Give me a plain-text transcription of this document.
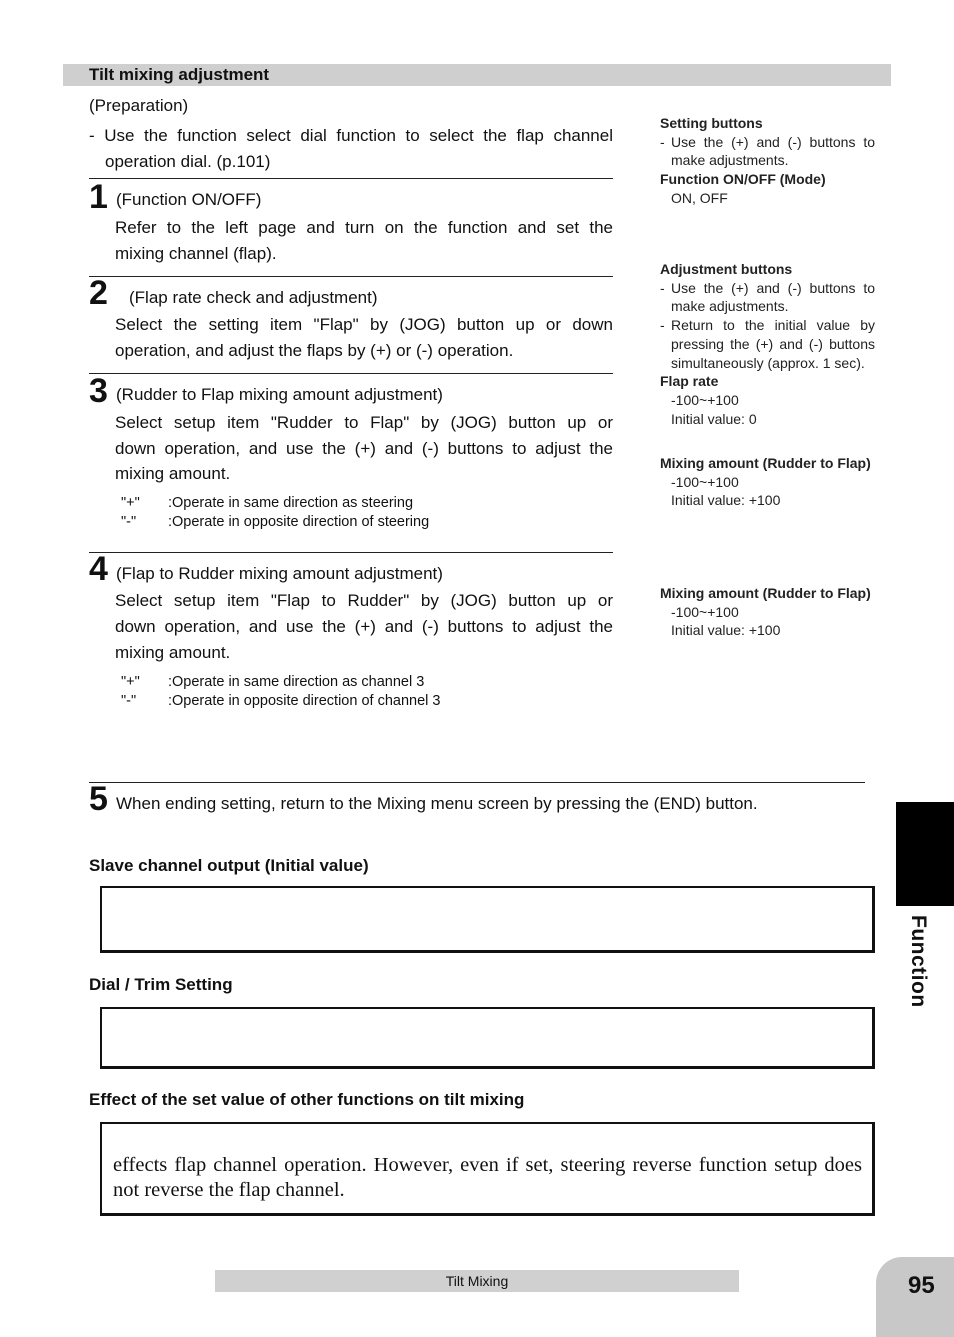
Tilt mixing adjustment
(Preparation)
- Use the function select dial function to select the flap channel
operation dial. (p.101)
1 (Function ON/OFF)
Refer to the left page and turn on the function and set the
mixing channel (flap).
2 (Flap rate check and adjustment)
Select the setting item "Flap" by (JOG) button up or down
operation, and adjust the flaps by (+) or (-) operation.
3 (Rudder to Flap mixing amount adjustment)
Select setup item "Rudder to Flap" by (JOG) button up or
down operation, and use the (+) and (-) buttons to adjust the
mixing amount.
"+"	:Operate in same direction as steering
"-"	:Operate in opposite direction of steering
4 (Flap to Rudder mixing amount adjustment)
Select setup item "Flap to Rudder" by (JOG) button up or
down operation, and use the (+) and (-) buttons to adjust the
mixing amount.
"+"	:Operate in same direction as channel 3
"-"	:Operate in opposite direction of channel 3
5 When ending setting, return to the Mixing menu screen by pressing the (END) button.
Setting buttons
- Use the (+) and (-) buttons to make adjustments.
Function ON/OFF (Mode)
ON, OFF
Adjustment buttons
- Use the (+) and (-) buttons to make adjustments.
- Return to the initial value by pressing the (+) and (-) buttons simultaneously (approx. 1 sec).
Flap rate
-100~+100
Initial value: 0
Mixing amount (Rudder to Flap)
-100~+100
Initial value: +100
Mixing amount (Rudder to Flap)
-100~+100
Initial value: +100
Slave channel output (Initial value)
Dial / Trim Setting
Effect of the set value of other functions on tilt mixing
effects flap channel operation. However, even if set, steering reverse function setup does not reverse the flap channel.
Function
Tilt Mixing	95
